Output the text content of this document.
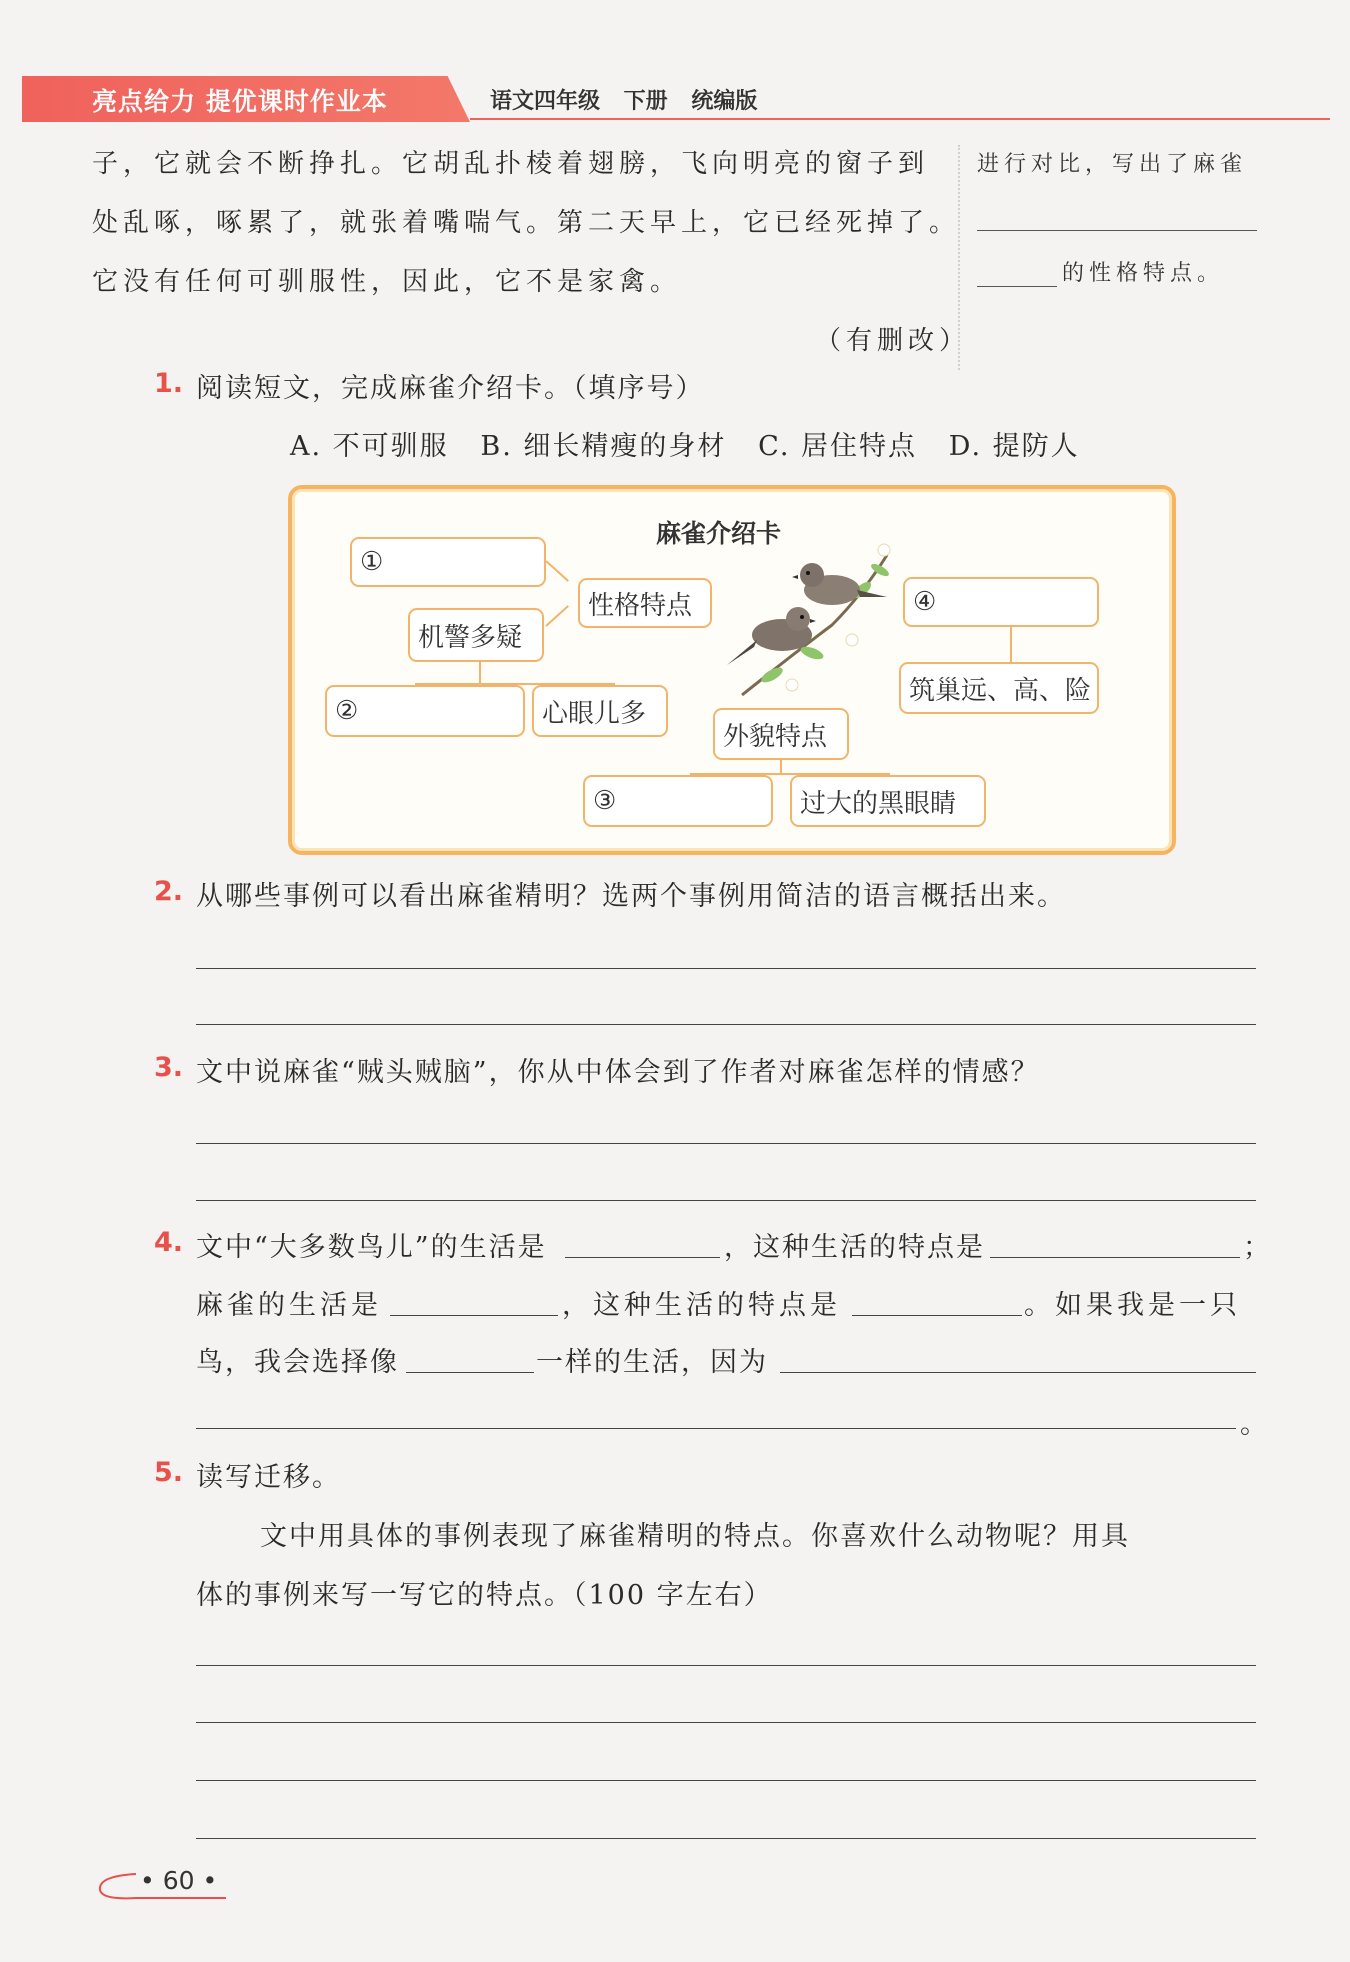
亮点给力 提优课时作业本	语文四年级 下册 统编版
子，它就会不断挣扎。它胡乱扑棱着翅膀，飞向明亮的窗子到
处乱啄，啄累了，就张着嘴喘气。第二天早上，它已经死掉了。
它没有任何可驯服性，因此，它不是家禽。
（有删改）
进行对比，写出了麻雀
的性格特点。
1. 阅读短文，完成麻雀介绍卡。（填序号）
A. 不可驯服   B. 细长精瘦的身材   C. 居住特点   D. 提防人
麻雀介绍卡
①
性格特点
机警多疑
②	心眼儿多
外貌特点
③	过大的黑眼睛
④
筑巢远、高、险
2. 从哪些事例可以看出麻雀精明？选两个事例用简洁的语言概括出来。
3. 文中说麻雀“贼头贼脑”，你从中体会到了作者对麻雀怎样的情感？
4. 文中“大多数鸟儿”的生活是	，这种生活的特点是	；
麻雀的生活是	，这种生活的特点是	。如果我是一只
鸟，我会选择像	一样的生活，因为
。
5. 读写迁移。
文中用具体的事例表现了麻雀精明的特点。你喜欢什么动物呢？用具
体的事例来写一写它的特点。（100 字左右）
• 60 •
